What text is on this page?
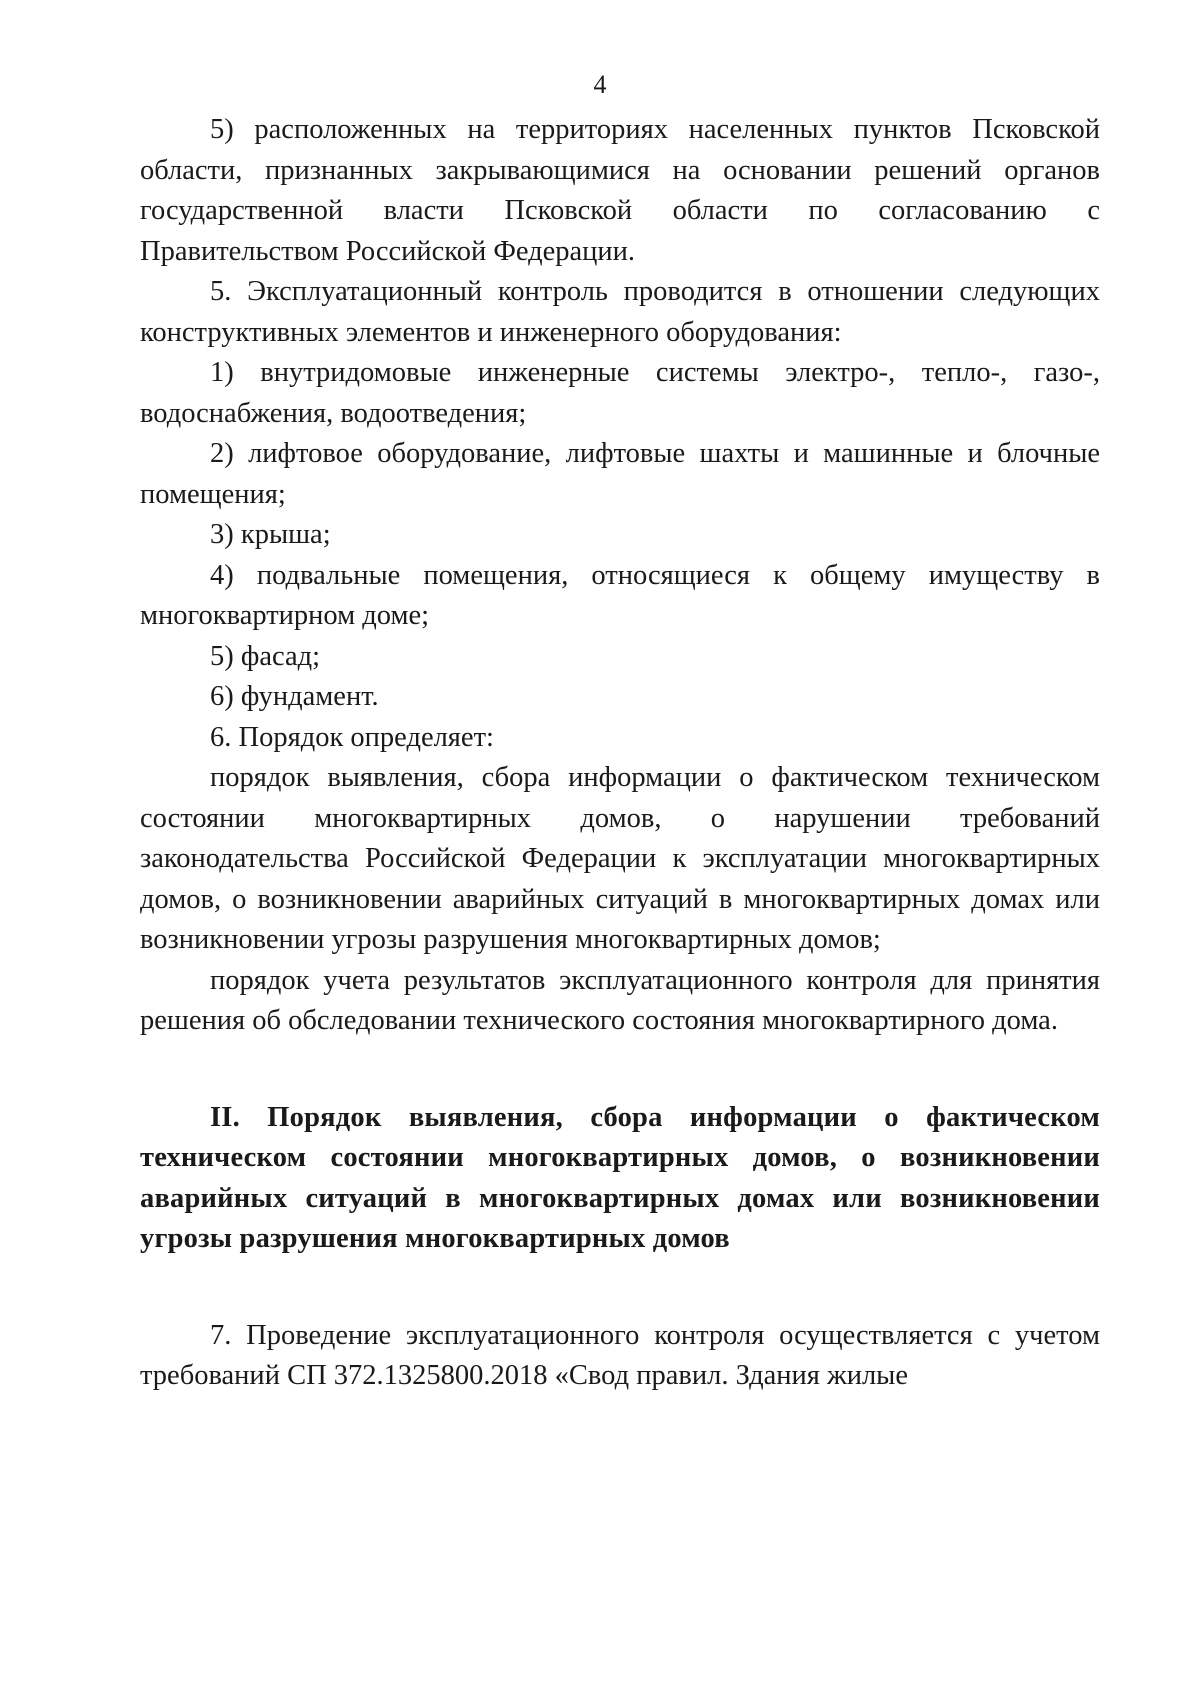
4

5) расположенных на территориях населенных пунктов Псковской области, признанных закрывающимися на основании решений органов государственной власти Псковской области по согласованию с Правительством Российской Федерации.

5. Эксплуатационный контроль проводится в отношении следующих конструктивных элементов и инженерного оборудования:

1) внутридомовые инженерные системы электро-, тепло-, газо-, водоснабжения, водоотведения;

2) лифтовое оборудование, лифтовые шахты и машинные и блочные помещения;

3) крыша;

4) подвальные помещения, относящиеся к общему имуществу в многоквартирном доме;

5) фасад;

6) фундамент.

6. Порядок определяет:

порядок выявления, сбора информации о фактическом техническом состоянии многоквартирных домов, о нарушении требований законодательства Российской Федерации к эксплуатации многоквартирных домов, о возникновении аварийных ситуаций в многоквартирных домах или возникновении угрозы разрушения многоквартирных домов;

порядок учета результатов эксплуатационного контроля для принятия решения об обследовании технического состояния многоквартирного дома.

II. Порядок выявления, сбора информации о фактическом техническом состоянии многоквартирных домов, о возникновении аварийных ситуаций в многоквартирных домах или возникновении угрозы разрушения многоквартирных домов

7. Проведение эксплуатационного контроля осуществляется с учетом требований СП 372.1325800.2018 «Свод правил. Здания жилые
